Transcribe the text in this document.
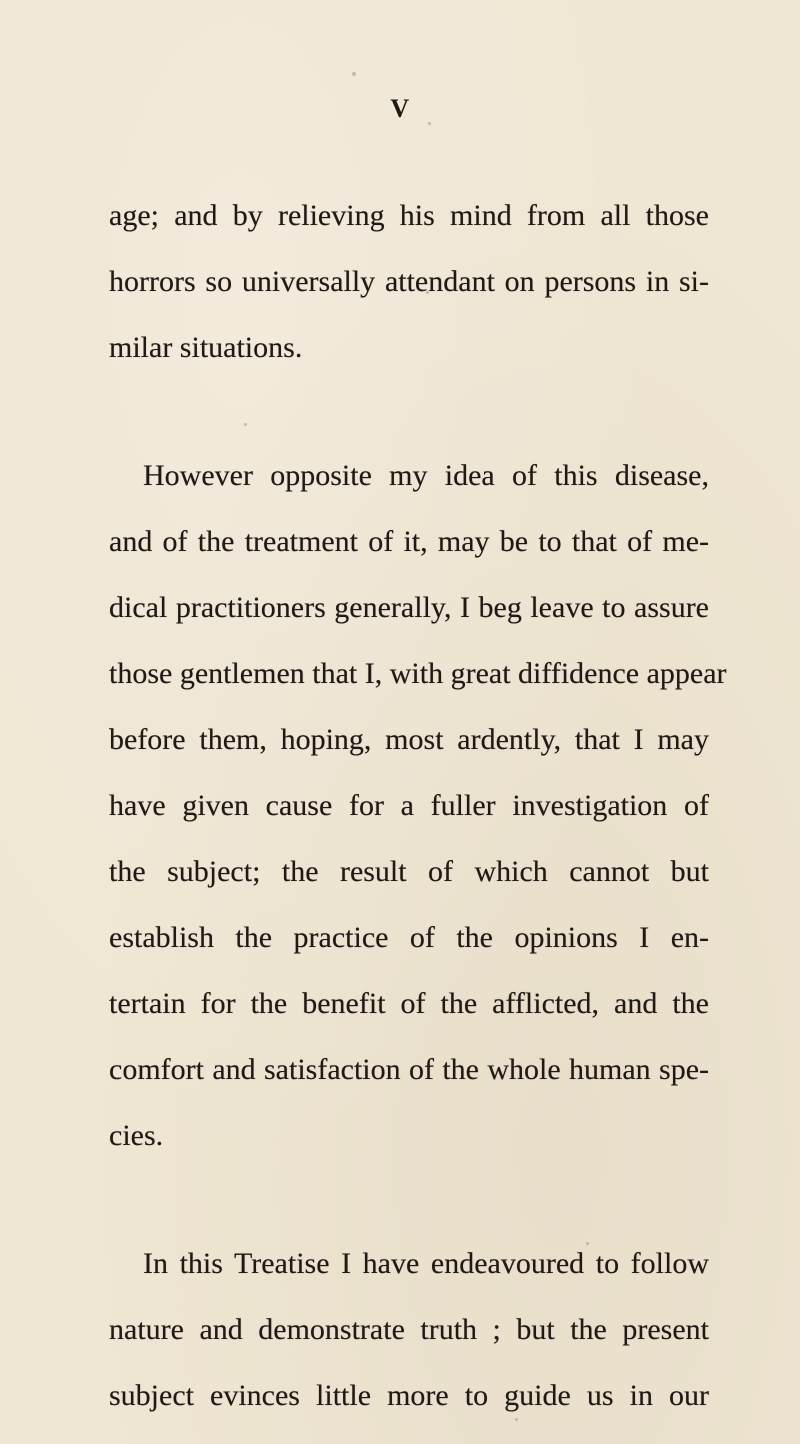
V
age; and by relieving his mind from all those
horrors so universally attendant on persons in si-
milar situations.
However opposite my idea of this disease,
and of the treatment of it, may be to that of me-
dical practitioners generally, I beg leave to assure
those gentlemen that I, with great diffidence appear
before them, hoping, most ardently, that I may
have given cause for a fuller investigation of
the subject; the result of which cannot but
establish the practice of the opinions I en-
tertain for the benefit of the afflicted, and the
comfort and satisfaction of the whole human spe-
cies.
In this Treatise I have endeavoured to follow
nature and demonstrate truth ; but the present
subject evinces little more to guide us in our
